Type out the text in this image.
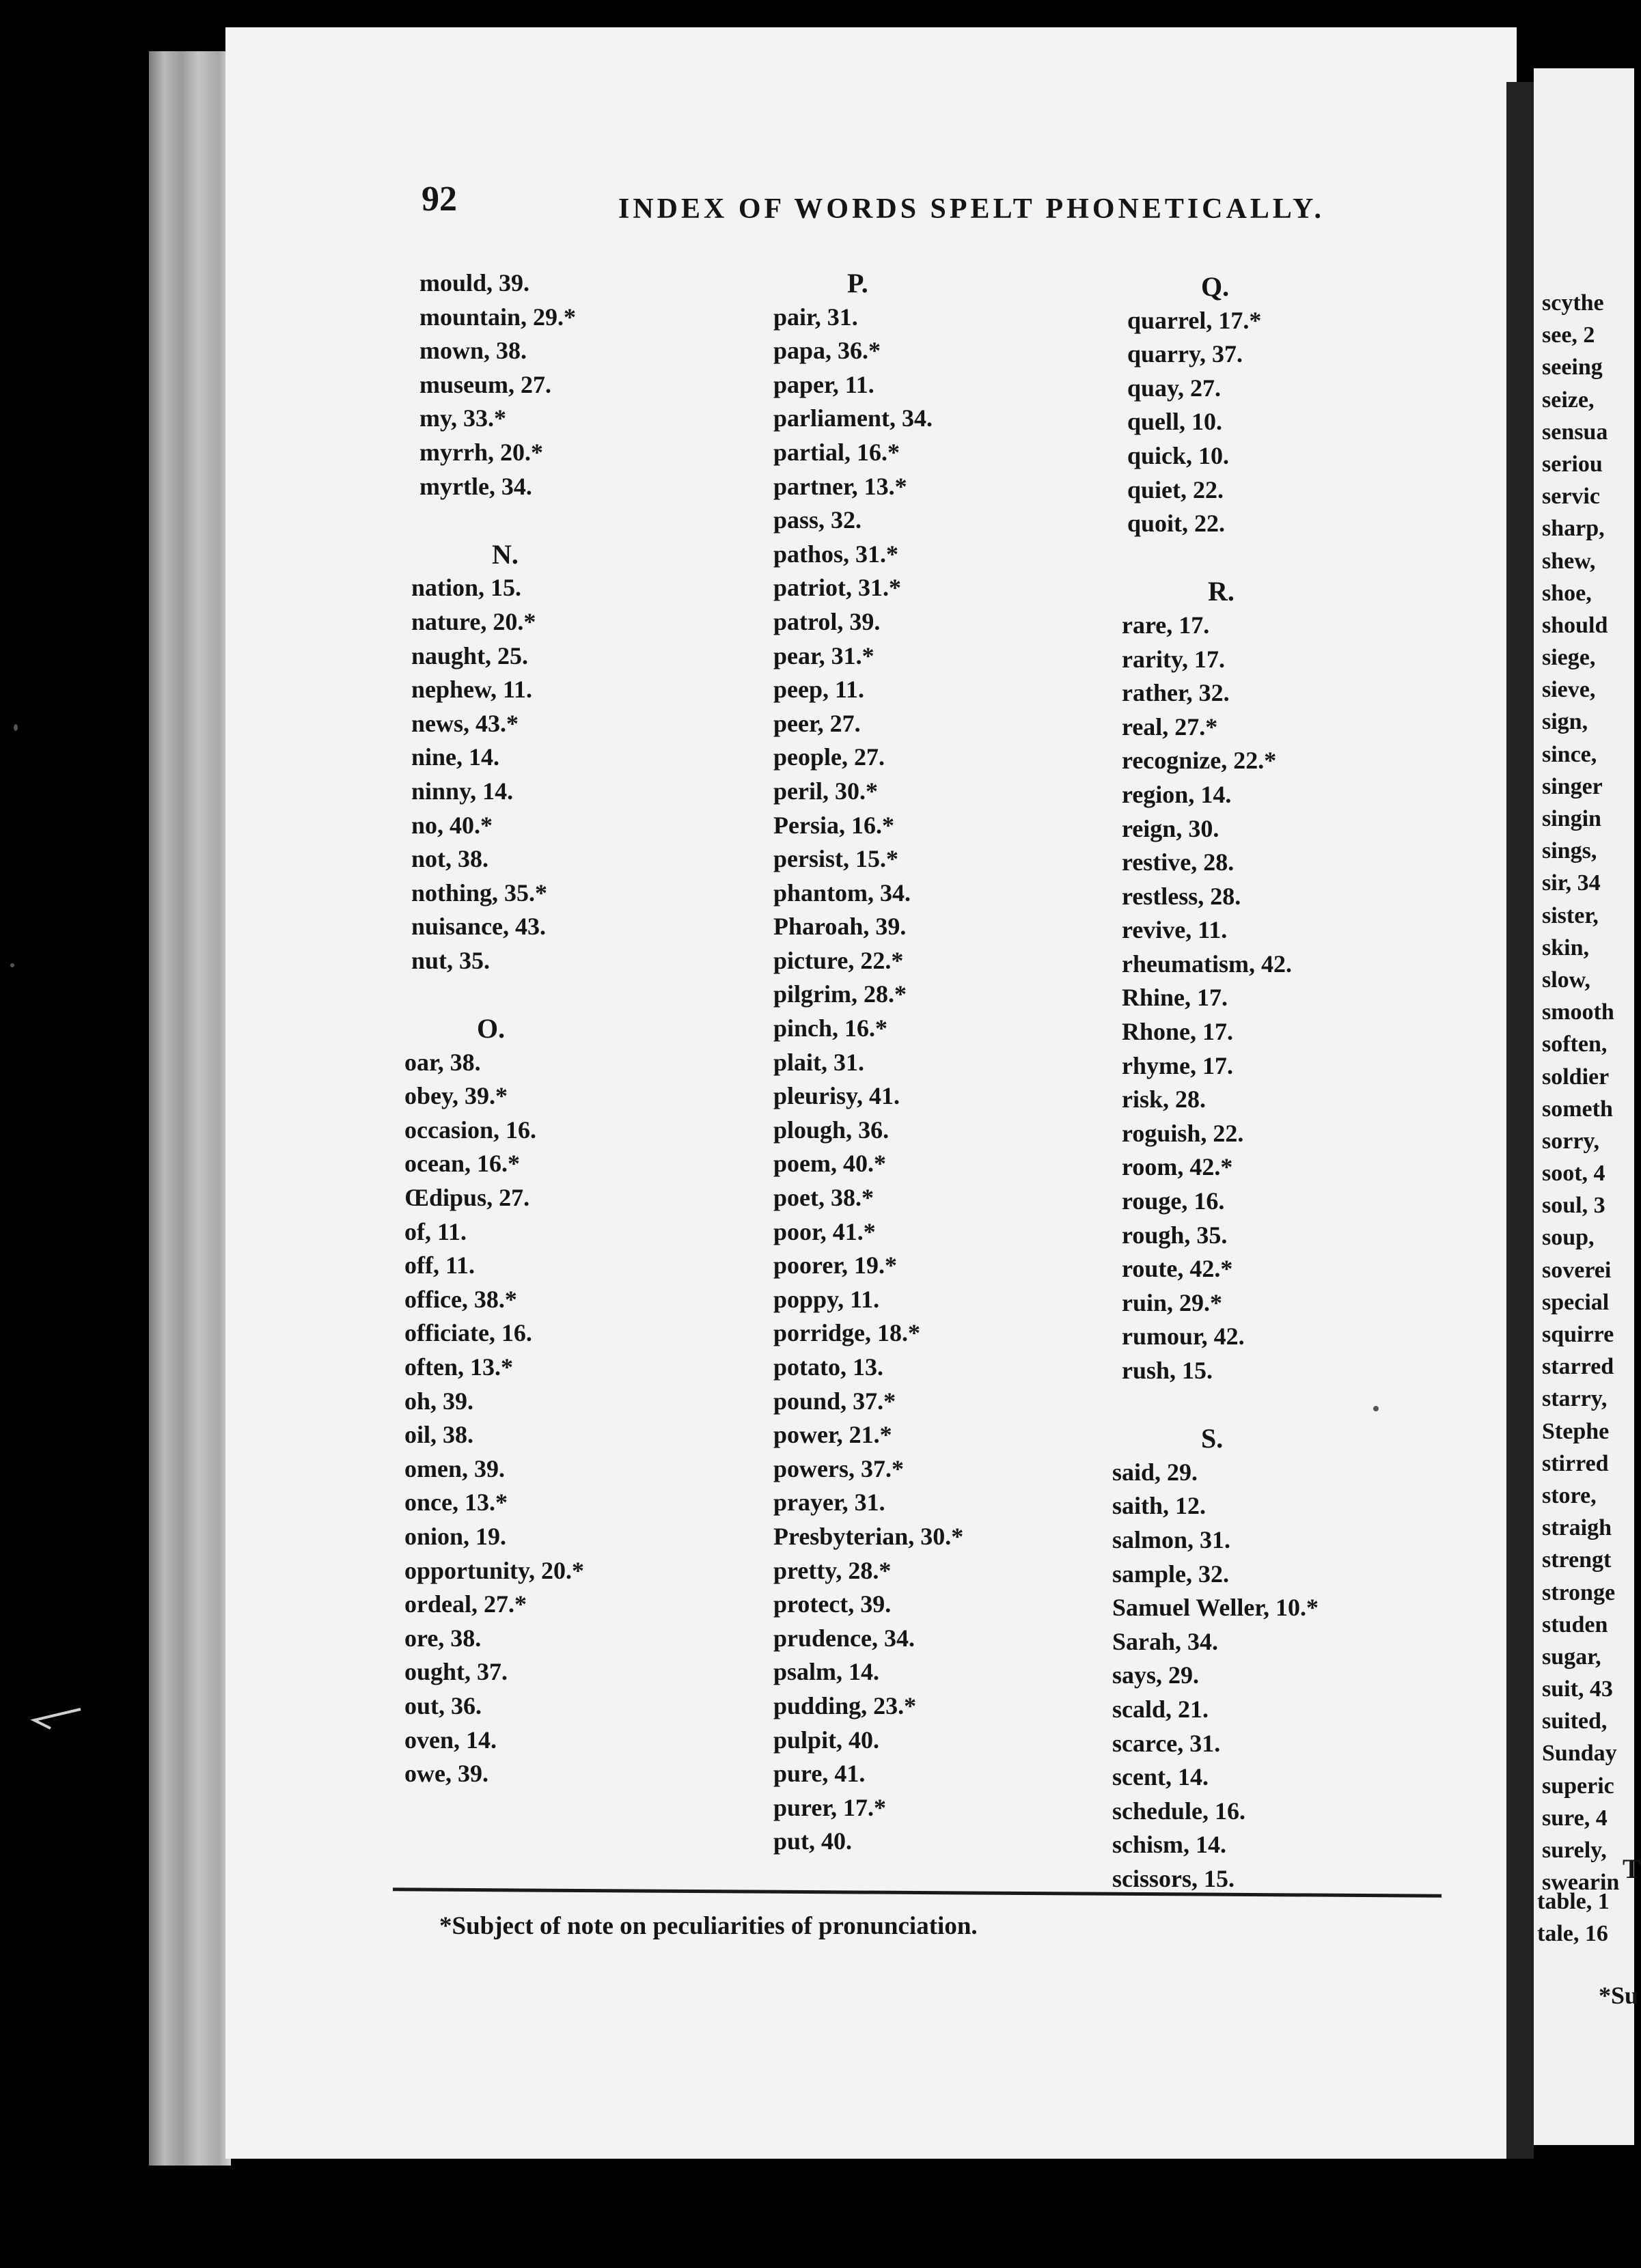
scythe
see, 2
seeing
seize,
sensua
seriou
servic
sharp,
shew,
shoe,
should
siege,
sieve,
sign,
since,
singer
singin
sings,
sir, 34
sister,
skin,
slow,
smooth
soften,
soldier
someth
sorry,
soot, 4
soul, 3
soup,
soverei
special
squirre
starred
starry,
Stephe
stirred
store,
straigh
strengt
stronge
studen
sugar,
suit, 43
suited,
Sunday
superic
sure, 4
surely,
swearin T
table, 1
tale, 16
*Su
92	INDEX OF WORDS SPELT PHONETICALLY.
mould, 39.
mountain, 29.*
mown, 38.
museum, 27.
my, 33.*
myrrh, 20.*
myrtle, 34.
N.
nation, 15.
nature, 20.*
naught, 25.
nephew, 11.
news, 43.*
nine, 14.
ninny, 14.
no, 40.*
not, 38.
nothing, 35.*
nuisance, 43.
nut, 35.
O.
oar, 38.
obey, 39.*
occasion, 16.
ocean, 16.*
Œdipus, 27.
of, 11.
off, 11.
office, 38.*
officiate, 16.
often, 13.*
oh, 39.
oil, 38.
omen, 39.
once, 13.*
onion, 19.
opportunity, 20.*
ordeal, 27.*
ore, 38.
ought, 37.
out, 36.
oven, 14.
owe, 39.
P.
pair, 31.
papa, 36.*
paper, 11.
parliament, 34.
partial, 16.*
partner, 13.*
pass, 32.
pathos, 31.*
patriot, 31.*
patrol, 39.
pear, 31.*
peep, 11.
peer, 27.
people, 27.
peril, 30.*
Persia, 16.*
persist, 15.*
phantom, 34.
Pharoah, 39.
picture, 22.*
pilgrim, 28.*
pinch, 16.*
plait, 31.
pleurisy, 41.
plough, 36.
poem, 40.*
poet, 38.*
poor, 41.*
poorer, 19.*
poppy, 11.
porridge, 18.*
potato, 13.
pound, 37.*
power, 21.*
powers, 37.*
prayer, 31.
Presbyterian, 30.*
pretty, 28.*
protect, 39.
prudence, 34.
psalm, 14.
pudding, 23.*
pulpit, 40.
pure, 41.
purer, 17.*
put, 40.
Q.
quarrel, 17.*
quarry, 37.
quay, 27.
quell, 10.
quick, 10.
quiet, 22.
quoit, 22.
R.
rare, 17.
rarity, 17.
rather, 32.
real, 27.*
recognize, 22.*
region, 14.
reign, 30.
restive, 28.
restless, 28.
revive, 11.
rheumatism, 42.
Rhine, 17.
Rhone, 17.
rhyme, 17.
risk, 28.
roguish, 22.
room, 42.*
rouge, 16.
rough, 35.
route, 42.*
ruin, 29.*
rumour, 42.
rush, 15.
S.
said, 29.
saith, 12.
salmon, 31.
sample, 32.
Samuel Weller, 10.*
Sarah, 34.
says, 29.
scald, 21.
scarce, 31.
scent, 14.
schedule, 16.
schism, 14.
scissors, 15.
*Subject of note on peculiarities of pronunciation.
